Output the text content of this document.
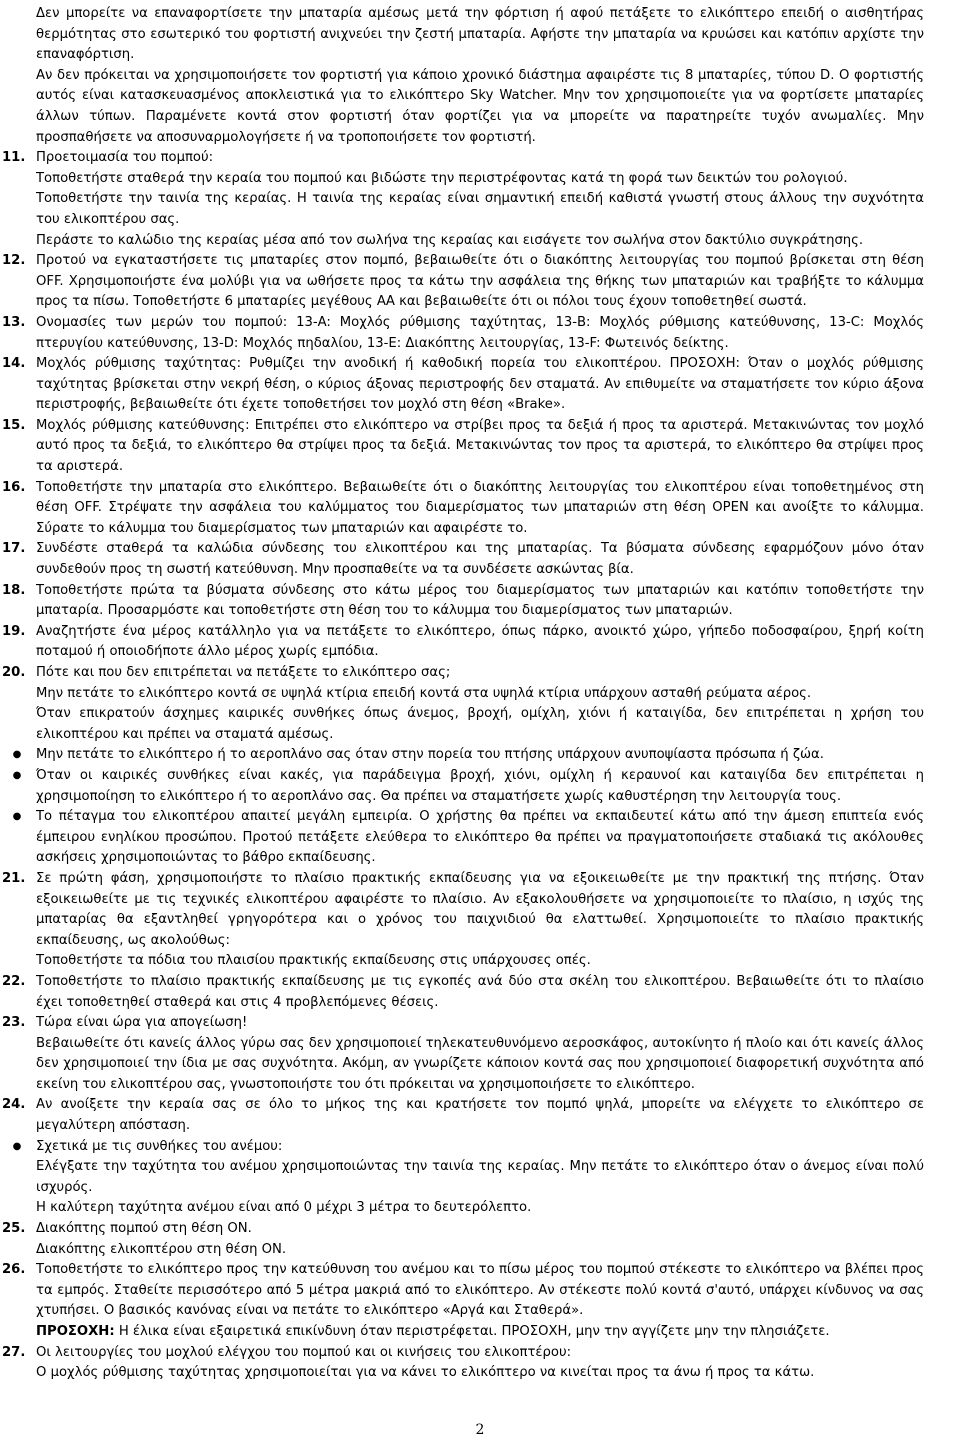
Δεν μπορείτε να επαναφορτίσετε την μπαταρία αμέσως μετά την φόρτιση ή αφού πετάξετε το ελικόπτερο επειδή ο αισθητήρας θερμότητας στο εσωτερικό του φορτιστή ανιχνεύει την ζεστή μπαταρία. Αφήστε την μπαταρία να κρυώσει και κατόπιν αρχίστε την επαναφόρτιση.

Αν δεν πρόκειται να χρησιμοποιήσετε τον φορτιστή για κάποιο χρονικό διάστημα αφαιρέστε τις 8 μπαταρίες, τύπου D. Ο φορτιστής αυτός είναι κατασκευασμένος αποκλειστικά για το ελικόπτερο Sky Watcher. Μην τον χρησιμοποιείτε για να φορτίσετε μπαταρίες άλλων τύπων. Παραμένετε κοντά στον φορτιστή όταν φορτίζει για να μπορείτε να παρατηρείτε τυχόν ανωμαλίες. Μην προσπαθήσετε να αποσυναρμολογήσετε ή να τροποποιήσετε τον φορτιστή.

11. Προετοιμασία του πομπού:

Τοποθετήστε σταθερά την κεραία του πομπού και βιδώστε την περιστρέφοντας κατά τη φορά των δεικτών του ρολογιού.

Τοποθετήστε την ταινία της κεραίας. Η ταινία της κεραίας είναι σημαντική επειδή καθιστά γνωστή στους άλλους την συχνότητα του ελικοπτέρου σας.

Περάστε το καλώδιο της κεραίας μέσα από τον σωλήνα της κεραίας και εισάγετε τον σωλήνα στον δακτύλιο συγκράτησης.

12. Προτού να εγκαταστήσετε τις μπαταρίες στον πομπό, βεβαιωθείτε ότι ο διακόπτης λειτουργίας του πομπού βρίσκεται στη θέση OFF. Χρησιμοποιήστε ένα μολύβι για να ωθήσετε προς τα κάτω την ασφάλεια της θήκης των μπαταριών και τραβήξτε το κάλυμμα προς τα πίσω. Τοποθετήστε 6 μπαταρίες μεγέθους ΑΑ και βεβαιωθείτε ότι οι πόλοι τους έχουν τοποθετηθεί σωστά.

13. Ονομασίες των μερών του πομπού: 13-A: Μοχλός ρύθμισης ταχύτητας, 13-B: Μοχλός ρύθμισης κατεύθυνσης, 13-C: Μοχλός πτερυγίου κατεύθυνσης, 13-D: Μοχλός πηδαλίου, 13-E: Διακόπτης λειτουργίας, 13-F: Φωτεινός δείκτης.

14. Μοχλός ρύθμισης ταχύτητας: Ρυθμίζει την ανοδική ή καθοδική πορεία του ελικοπτέρου. ΠΡΟΣΟΧΗ: Όταν ο μοχλός ρύθμισης ταχύτητας βρίσκεται στην νεκρή θέση, ο κύριος άξονας περιστροφής δεν σταματά. Αν επιθυμείτε να σταματήσετε τον κύριο άξονα περιστροφής, βεβαιωθείτε ότι έχετε τοποθετήσει τον μοχλό στη θέση «Brake».

15. Μοχλός ρύθμισης κατεύθυνσης: Επιτρέπει στο ελικόπτερο να στρίβει προς τα δεξιά ή προς τα αριστερά. Μετακινώντας τον μοχλό αυτό προς τα δεξιά, το ελικόπτερο θα στρίψει προς τα δεξιά. Μετακινώντας τον προς τα αριστερά, το ελικόπτερο θα στρίψει προς τα αριστερά.

16. Τοποθετήστε την μπαταρία στο ελικόπτερο. Βεβαιωθείτε ότι ο διακόπτης λειτουργίας του ελικοπτέρου είναι τοποθετημένος στη θέση OFF. Στρέψατε την ασφάλεια του καλύμματος του διαμερίσματος των μπαταριών στη θέση OPEN και ανοίξτε το κάλυμμα. Σύρατε το κάλυμμα του διαμερίσματος των μπαταριών και αφαιρέστε το.

17. Συνδέστε σταθερά τα καλώδια σύνδεσης του ελικοπτέρου και της μπαταρίας. Τα βύσματα σύνδεσης εφαρμόζουν μόνο όταν συνδεθούν προς τη σωστή κατεύθυνση. Μην προσπαθείτε να τα συνδέσετε ασκώντας βία.

18. Τοποθετήστε πρώτα τα βύσματα σύνδεσης στο κάτω μέρος του διαμερίσματος των μπαταριών και κατόπιν τοποθετήστε την μπαταρία. Προσαρμόστε και τοποθετήστε στη θέση του το κάλυμμα του διαμερίσματος των μπαταριών.

19. Αναζητήστε ένα μέρος κατάλληλο για να πετάξετε το ελικόπτερο, όπως πάρκο, ανοικτό χώρο, γήπεδο ποδοσφαίρου, ξηρή κοίτη ποταμού ή οποιοδήποτε άλλο μέρος χωρίς εμπόδια.

20. Πότε και που δεν επιτρέπεται να πετάξετε το ελικόπτερο σας;

Μην πετάτε το ελικόπτερο κοντά σε υψηλά κτίρια επειδή κοντά στα υψηλά κτίρια υπάρχουν ασταθή ρεύματα αέρος.

Όταν επικρατούν άσχημες καιρικές συνθήκες όπως άνεμος, βροχή, ομίχλη, χιόνι ή καταιγίδα, δεν επιτρέπεται η χρήση του ελικοπτέρου και πρέπει να σταματά αμέσως.

● Μην πετάτε το ελικόπτερο ή το αεροπλάνο σας όταν στην πορεία του πτήσης υπάρχουν ανυποψίαστα πρόσωπα ή ζώα.

● Όταν οι καιρικές συνθήκες είναι κακές, για παράδειγμα βροχή, χιόνι, ομίχλη ή κεραυνοί και καταιγίδα δεν επιτρέπεται η χρησιμοποίηση το ελικόπτερο ή το αεροπλάνο σας. Θα πρέπει να σταματήσετε χωρίς καθυστέρηση την λειτουργία τους.

● Το πέταγμα του ελικοπτέρου απαιτεί μεγάλη εμπειρία. Ο χρήστης θα πρέπει να εκπαιδευτεί κάτω από την άμεση επιπτεία ενός έμπειρου ενηλίκου προσώπου. Προτού πετάξετε ελεύθερα το ελικόπτερο θα πρέπει να πραγματοποιήσετε σταδιακά τις ακόλουθες ασκήσεις χρησιμοποιώντας το βάθρο εκπαίδευσης.

21. Σε πρώτη φάση, χρησιμοποιήστε το πλαίσιο πρακτικής εκπαίδευσης για να εξοικειωθείτε με την πρακτική της πτήσης. Όταν εξοικειωθείτε με τις τεχνικές ελικοπτέρου αφαιρέστε το πλαίσιο. Αν εξακολουθήσετε να χρησιμοποιείτε το πλαίσιο, η ισχύς της μπαταρίας θα εξαντληθεί γρηγορότερα και ο χρόνος του παιχνιδιού θα ελαττωθεί. Χρησιμοποιείτε το πλαίσιο πρακτικής εκπαίδευσης, ως ακολούθως:

Τοποθετήστε τα πόδια του πλαισίου πρακτικής εκπαίδευσης στις υπάρχουσες οπές.

22. Τοποθετήστε το πλαίσιο πρακτικής εκπαίδευσης με τις εγκοπές ανά δύο στα σκέλη του ελικοπτέρου. Βεβαιωθείτε ότι το πλαίσιο έχει τοποθετηθεί σταθερά και στις 4 προβλεπόμενες θέσεις.

23. Τώρα είναι ώρα για απογείωση!

Βεβαιωθείτε ότι κανείς άλλος γύρω σας δεν χρησιμοποιεί τηλεκατευθυνόμενο αεροσκάφος, αυτοκίνητο ή πλοίο και ότι κανείς άλλος δεν χρησιμοποιεί την ίδια με σας συχνότητα. Ακόμη, αν γνωρίζετε κάποιον κοντά σας που χρησιμοποιεί διαφορετική συχνότητα από εκείνη του ελικοπτέρου σας, γνωστοποιήστε του ότι πρόκειται να χρησιμοποιήσετε το ελικόπτερο.

24. Αν ανοίξετε την κεραία σας σε όλο το μήκος της και κρατήσετε τον πομπό ψηλά, μπορείτε να ελέγχετε το ελικόπτερο σε μεγαλύτερη απόσταση.

● Σχετικά με τις συνθήκες του ανέμου:

Ελέγξατε την ταχύτητα του ανέμου χρησιμοποιώντας την ταινία της κεραίας. Μην πετάτε το ελικόπτερο όταν ο άνεμος είναι πολύ ισχυρός.

Η καλύτερη ταχύτητα ανέμου είναι από 0 μέχρι 3 μέτρα το δευτερόλεπτο.

25. Διακόπτης πομπού στη θέση ON.

Διακόπτης ελικοπτέρου στη θέση ON.

26. Τοποθετήστε το ελικόπτερο προς την κατεύθυνση του ανέμου και το πίσω μέρος του πομπού στέκεστε το ελικόπτερο να βλέπει προς τα εμπρός. Σταθείτε περισσότερο από 5 μέτρα μακριά από το ελικόπτερο. Αν στέκεστε πολύ κοντά σ'αυτό, υπάρχει κίνδυνος να σας χτυπήσει. Ο βασικός κανόνας είναι να πετάτε το ελικόπτερο «Αργά και Σταθερά».

ΠΡΟΣΟΧΗ: Η έλικα είναι εξαιρετικά επικίνδυνη όταν περιστρέφεται. ΠΡΟΣΟΧΗ, μην την αγγίζετε μην την πλησιάζετε.

27. Οι λειτουργίες του μοχλού ελέγχου του πομπού και οι κινήσεις του ελικοπτέρου:

Ο μοχλός ρύθμισης ταχύτητας χρησιμοποιείται για να κάνει το ελικόπτερο να κινείται προς τα άνω ή προς τα κάτω.

2
